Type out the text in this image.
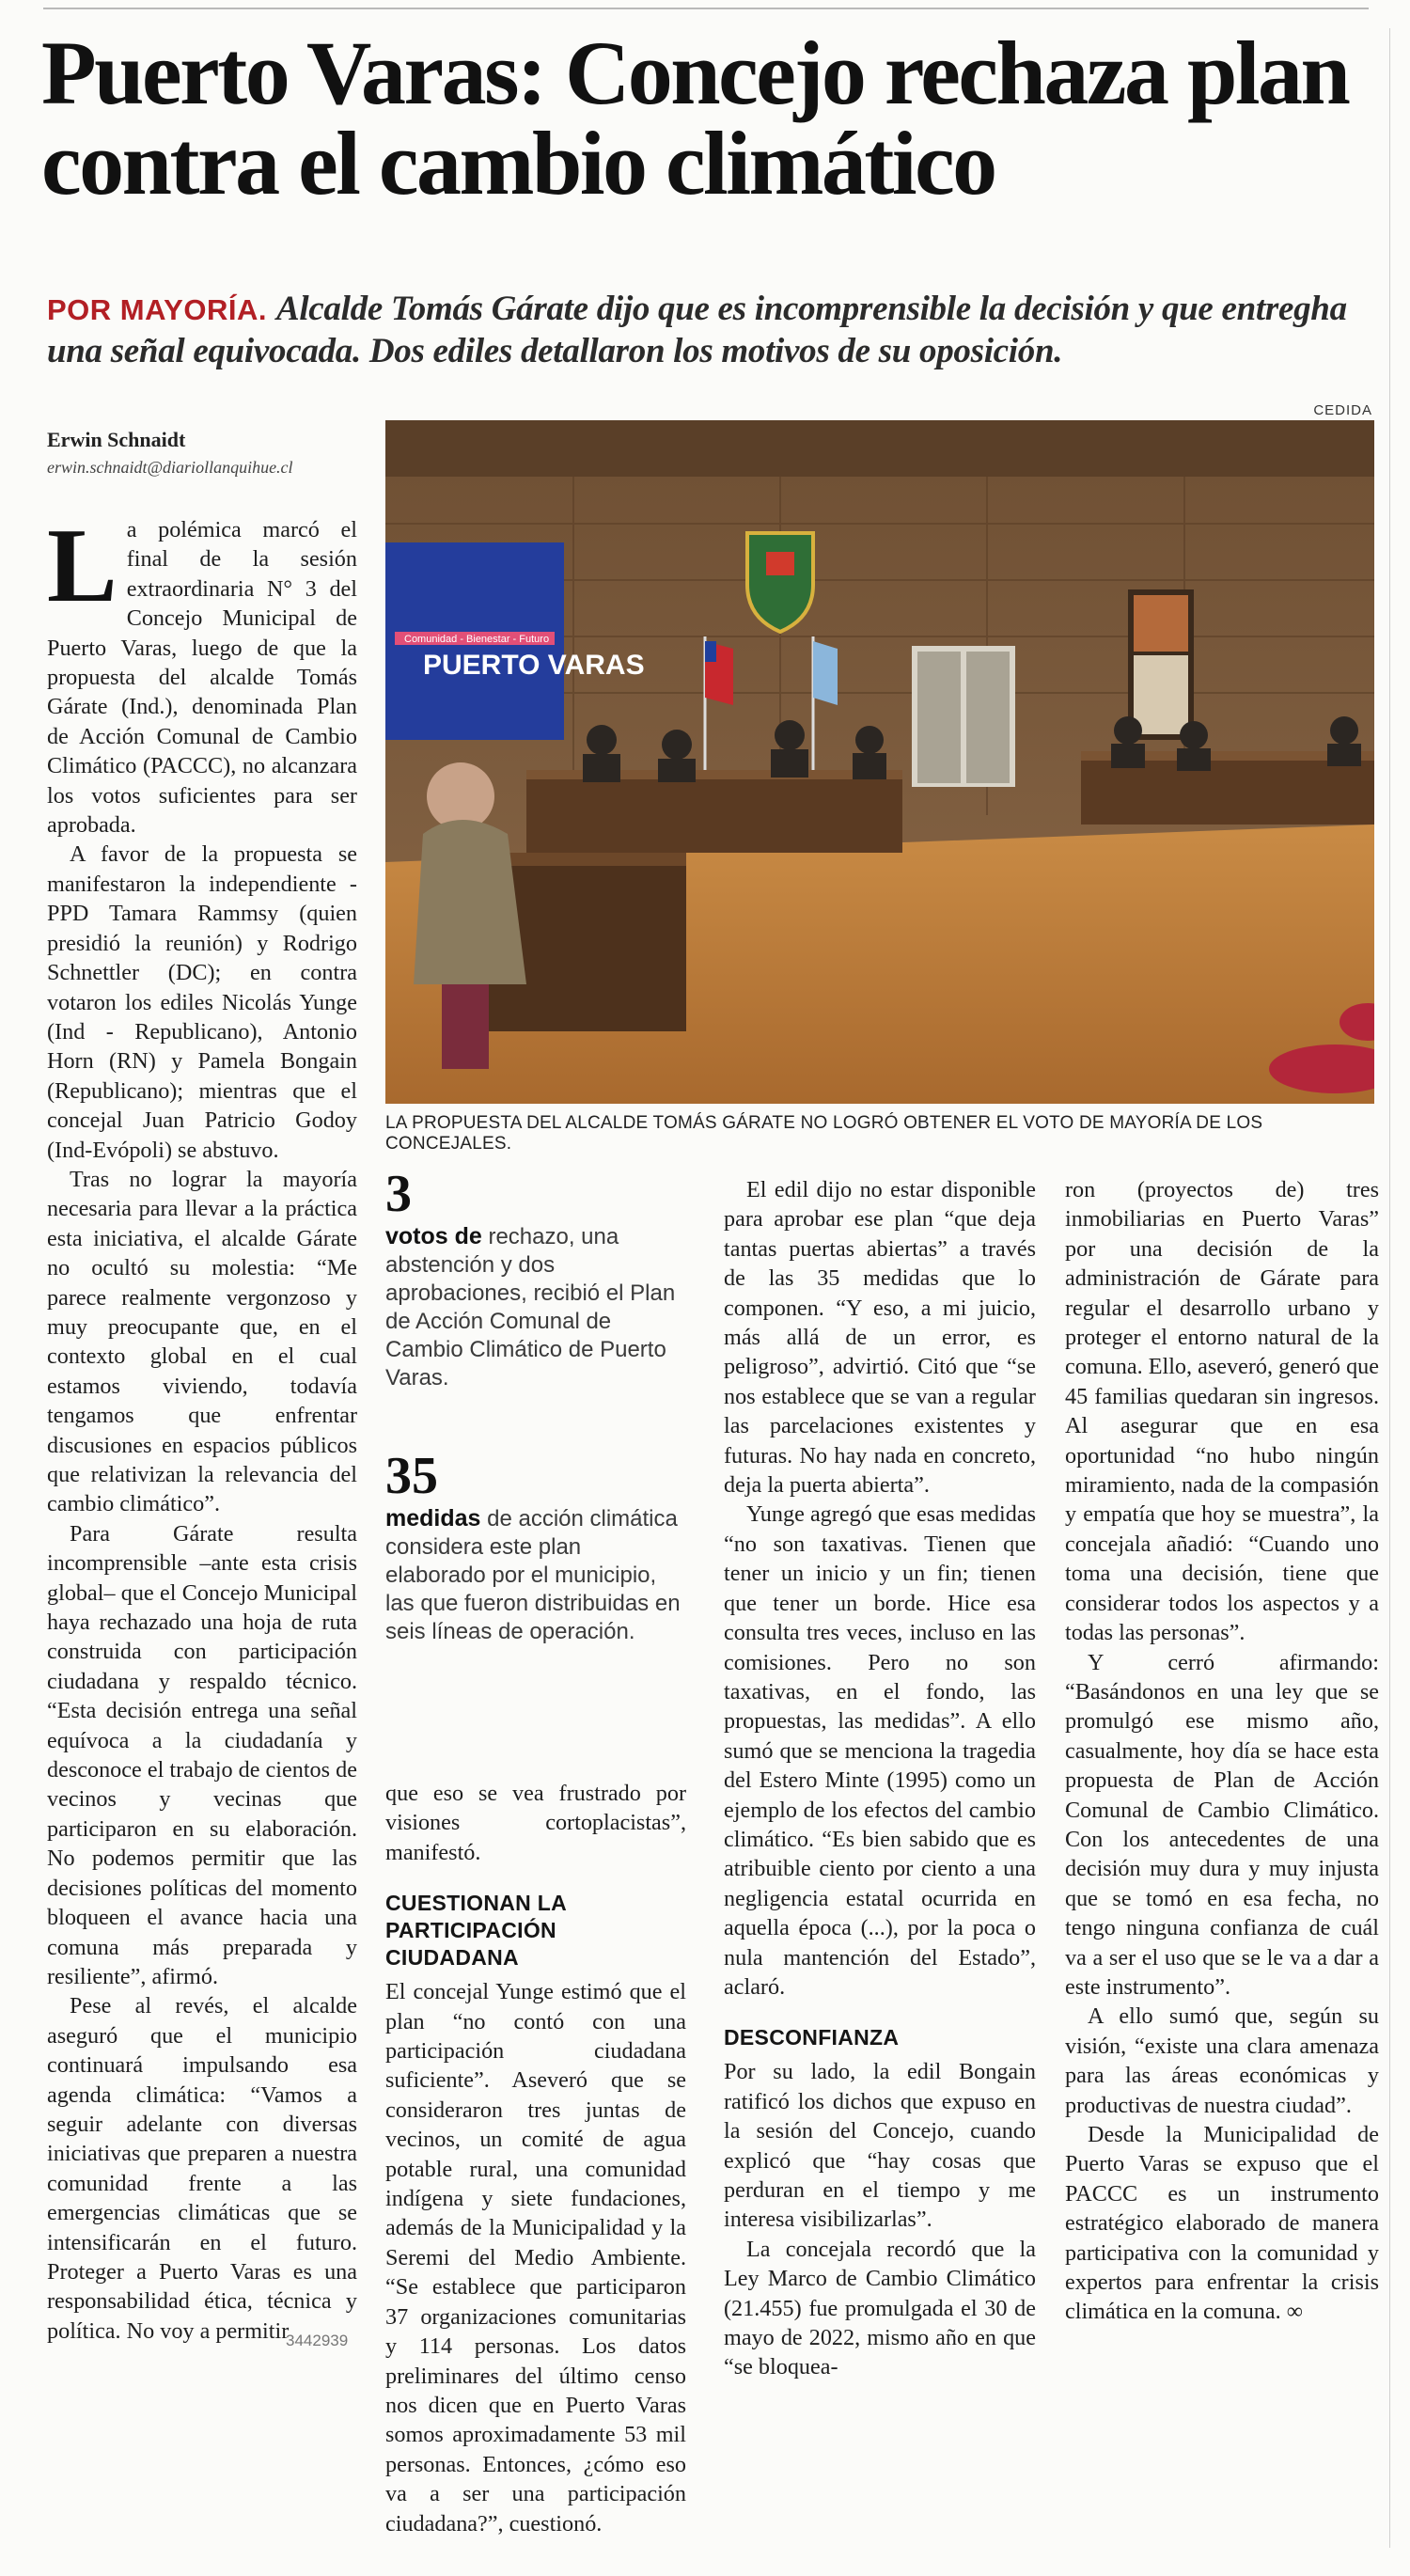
Puerto Varas: Concejo rechaza plan contra el cambio climático
POR MAYORÍA. Alcalde Tomás Gárate dijo que es incomprensible la decisión y que entregha una señal equivocada. Dos ediles detallaron los motivos de su oposición.
CEDIDA
Erwin Schnaidt
erwin.schnaidt@diariollanquihue.cl
Comunidad - Bienestar - Futuro
PUERTO VARAS
LA PROPUESTA DEL ALCALDE TOMÁS GÁRATE NO LOGRÓ OBTENER EL VOTO DE MAYORÍA DE LOS CONCEJALES.

La polémica marcó el final de la sesión extraordinaria N° 3 del Concejo Municipal de Puerto Varas, luego de que la propuesta del alcalde Tomás Gárate (Ind.), denominada Plan de Acción Comunal de Cambio Climático (PACCC), no alcanzara los votos suficientes para ser aprobada.

A favor de la propuesta se manifestaron la independiente - PPD Tamara Rammsy (quien presidió la reunión) y Rodrigo Schnettler (DC); en contra votaron los ediles Nicolás Yunge (Ind - Republicano), Antonio Horn (RN) y Pamela Bongain (Republicano); mientras que el concejal Juan Patricio Godoy (Ind-Evópoli) se abstuvo.

Tras no lograr la mayoría necesaria para llevar a la práctica esta iniciativa, el alcalde Gárate no ocultó su molestia: “Me parece realmente vergonzoso y muy preocupante que, en el contexto global en el cual estamos viviendo, todavía tengamos que enfrentar discusiones en espacios públicos que relativizan la relevancia del cambio climático”.

Para Gárate resulta incomprensible –ante esta crisis global– que el Concejo Municipal haya rechazado una hoja de ruta construida con participación ciudadana y respaldo técnico. “Esta decisión entrega una señal equívoca a la ciudadanía y desconoce el trabajo de cientos de vecinos y vecinas que participaron en su elaboración. No podemos permitir que las decisiones políticas del momento bloqueen el avance hacia una comuna más preparada y resiliente”, afirmó.

Pese al revés, el alcalde aseguró que el municipio continuará impulsando esa agenda climática: “Vamos a seguir adelante con diversas iniciativas que preparen a nuestra comunidad frente a las emergencias climáticas que se intensificarán en el futuro. Proteger a Puerto Varas es una responsabilidad ética, técnica y política. No voy a permitir

3
votos de rechazo, una abstención y dos aprobaciones, recibió el Plan de Acción Comunal de Cambio Climático de Puerto Varas.
35
medidas de acción climática considera este plan elaborado por el municipio, las que fueron distribuidas en seis líneas de operación.

que eso se vea frustrado por visiones cortoplacistas”, manifestó.

CUESTIONAN LA PARTICIPACIÓN CIUDADANA

El concejal Yunge estimó que el plan “no contó con una participación ciudadana suficiente”. Aseveró que se consideraron tres juntas de vecinos, un comité de agua potable rural, una comunidad indígena y siete fundaciones, además de la Municipalidad y la Seremi del Medio Ambiente. “Se establece que participaron 37 organizaciones comunitarias y 114 personas. Los datos preliminares del último censo nos dicen que en Puerto Varas somos aproximadamente 53 mil personas. Entonces, ¿cómo eso va a ser una participación ciudadana?”, cuestionó.

El edil dijo no estar disponible para aprobar ese plan “que deja tantas puertas abiertas” a través de las 35 medidas que lo componen. “Y eso, a mi juicio, más allá de un error, es peligroso”, advirtió. Citó que “se nos establece que se van a regular las parcelaciones existentes y futuras. No hay nada en concreto, deja la puerta abierta”.

Yunge agregó que esas medidas “no son taxativas. Tienen que tener un inicio y un fin; tienen que tener un borde. Hice esa consulta tres veces, incluso en las comisiones. Pero no son taxativas, en el fondo, las propuestas, las medidas”. A ello sumó que se menciona la tragedia del Estero Minte (1995) como un ejemplo de los efectos del cambio climático. “Es bien sabido que es atribuible ciento por ciento a una negligencia estatal ocurrida en aquella época (...), por la poca o nula mantención del Estado”, aclaró.

DESCONFIANZA

Por su lado, la edil Bongain ratificó los dichos que expuso en la sesión del Concejo, cuando explicó que “hay cosas que perduran en el tiempo y me interesa visibilizarlas”.

La concejala recordó que la Ley Marco de Cambio Climático (21.455) fue promulgada el 30 de mayo de 2022, mismo año en que “se bloquea-

ron (proyectos de) tres inmobiliarias en Puerto Varas” por una decisión de la administración de Gárate para regular el desarrollo urbano y proteger el entorno natural de la comuna. Ello, aseveró, generó que 45 familias quedaran sin ingresos. Al asegurar que en esa oportunidad “no hubo ningún miramiento, nada de la compasión y empatía que hoy se muestra”, la concejala añadió: “Cuando uno toma una decisión, tiene que considerar todos los aspectos y a todas las personas”.

Y cerró afirmando: “Basándonos en una ley que se promulgó ese mismo año, casualmente, hoy día se hace esta propuesta de Plan de Acción Comunal de Cambio Climático. Con los antecedentes de una decisión muy dura y muy injusta que se tomó en esa fecha, no tengo ninguna confianza de cuál va a ser el uso que se le va a dar a este instrumento”.

A ello sumó que, según su visión, “existe una clara amenaza para las áreas económicas y productivas de nuestra ciudad”.

Desde la Municipalidad de Puerto Varas se expuso que el PACCC es un instrumento estratégico elaborado de manera participativa con la comunidad y expertos para enfrentar la crisis climática en la comuna. ∞

3442939
